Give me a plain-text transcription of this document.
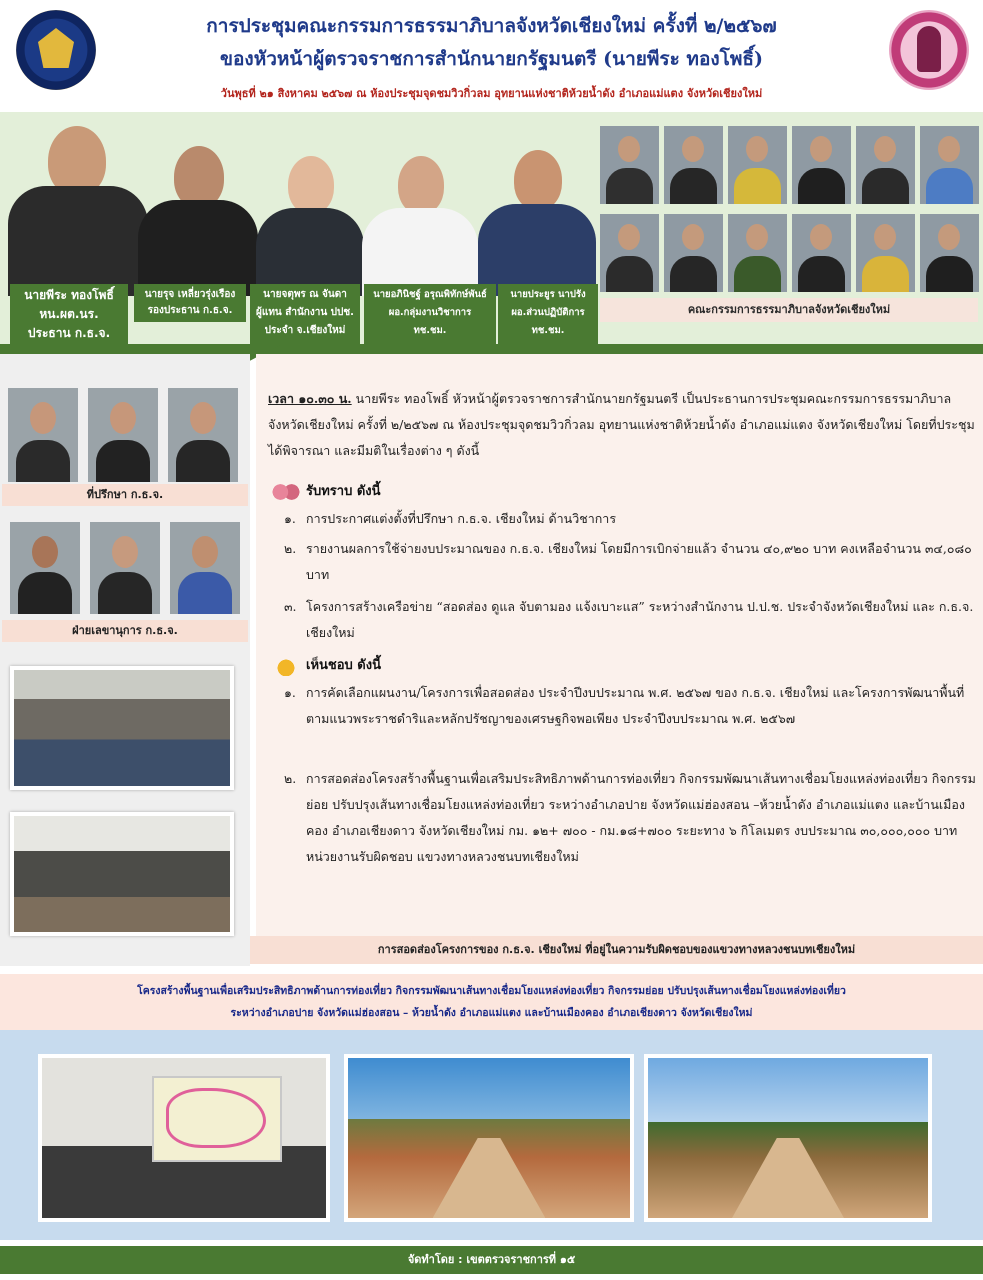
การประชุมคณะกรรมการธรรมาภิบาลจังหวัดเชียงใหม่ ครั้งที่ ๒/๒๕๖๗
ของหัวหน้าผู้ตรวจราชการสำนักนายกรัฐมนตรี (นายพีระ ทองโพธิ์)
วันพุธที่ ๒๑ สิงหาคม ๒๕๖๗ ณ ห้องประชุมจุดชมวิวกิ่วลม อุทยานแห่งชาติห้วยน้ำดัง อำเภอแม่แตง จังหวัดเชียงใหม่
นายพีระ ทองโพธิ์
หน.ผต.นร.
ประธาน ก.ธ.จ.
นายรุจ เหลี่ยวรุ่งเรือง
รองประธาน ก.ธ.จ.
นายจตุพร ณ จันดา
ผู้แทน สำนักงาน ปปช.
ประจำ จ.เชียงใหม่
นายอภินิชฐ์ อรุณพิทักษ์พันธ์
ผอ.กลุ่มงานวิชาการ
ทช.ชม.
นายประยูร นาปรัง
ผอ.ส่วนปฏิบัติการ
ทช.ชม.
คณะกรรมการธรรมาภิบาลจังหวัดเชียงใหม่
ที่ปรึกษา ก.ธ.จ.
ฝ่ายเลขานุการ ก.ธ.จ.
เวลา ๑๐.๓๐ น. นายพีระ ทองโพธิ์ หัวหน้าผู้ตรวจราชการสำนักนายกรัฐมนตรี เป็นประธานการประชุมคณะกรรมการธรรมาภิบาลจังหวัดเชียงใหม่ ครั้งที่ ๒/๒๕๖๗ ณ ห้องประชุมจุดชมวิวกิ่วลม อุทยานแห่งชาติห้วยน้ำดัง อำเภอแม่แตง จังหวัดเชียงใหม่ โดยที่ประชุมได้พิจารณา และมีมติในเรื่องต่าง ๆ ดังนี้
รับทราบ ดังนี้
๑. การประกาศแต่งตั้งที่ปรึกษา ก.ธ.จ. เชียงใหม่ ด้านวิชาการ
๒. รายงานผลการใช้จ่ายงบประมาณของ ก.ธ.จ. เชียงใหม่ โดยมีการเบิกจ่ายแล้ว จำนวน ๔๐,๙๒๐ บาท คงเหลือจำนวน ๓๔,๐๘๐ บาท
๓. โครงการสร้างเครือข่าย “สอดส่อง ดูแล จับตามอง แจ้งเบาะแส” ระหว่างสำนักงาน ป.ป.ช. ประจำจังหวัดเชียงใหม่ และ ก.ธ.จ. เชียงใหม่
เห็นชอบ ดังนี้
๑. การคัดเลือกแผนงาน/โครงการเพื่อสอดส่อง ประจำปีงบประมาณ พ.ศ. ๒๕๖๗ ของ ก.ธ.จ. เชียงใหม่ และโครงการพัฒนาพื้นที่ตามแนวพระราชดำริและหลักปรัชญาของเศรษฐกิจพอเพียง ประจำปีงบประมาณ พ.ศ. ๒๕๖๗
๒. การสอดส่องโครงสร้างพื้นฐานเพื่อเสริมประสิทธิภาพด้านการท่องเที่ยว กิจกรรมพัฒนาเส้นทางเชื่อมโยงแหล่งท่องเที่ยว กิจกรรมย่อย ปรับปรุงเส้นทางเชื่อมโยงแหล่งท่องเที่ยว ระหว่างอำเภอปาย จังหวัดแม่ฮ่องสอน –ห้วยน้ำดัง อำเภอแม่แตง และบ้านเมืองคอง อำเภอเชียงดาว จังหวัดเชียงใหม่ กม. ๑๒+ ๗๐๐ - กม.๑๘+๗๐๐ ระยะทาง ๖ กิโลเมตร งบประมาณ ๓๐,๐๐๐,๐๐๐ บาท หน่วยงานรับผิดชอบ แขวงทางหลวงชนบทเชียงใหม่
การสอดส่องโครงการของ ก.ธ.จ. เชียงใหม่ ที่อยู่ในความรับผิดชอบของแขวงทางหลวงชนบทเชียงใหม่
โครงสร้างพื้นฐานเพื่อเสริมประสิทธิภาพด้านการท่องเที่ยว กิจกรรมพัฒนาเส้นทางเชื่อมโยงแหล่งท่องเที่ยว กิจกรรมย่อย ปรับปรุงเส้นทางเชื่อมโยงแหล่งท่องเที่ยว
ระหว่างอำเภอปาย จังหวัดแม่ฮ่องสอน – ห้วยน้ำดัง อำเภอแม่แตง และบ้านเมืองคอง อำเภอเชียงดาว จังหวัดเชียงใหม่
จัดทำโดย : เขตตรวจราชการที่ ๑๕
